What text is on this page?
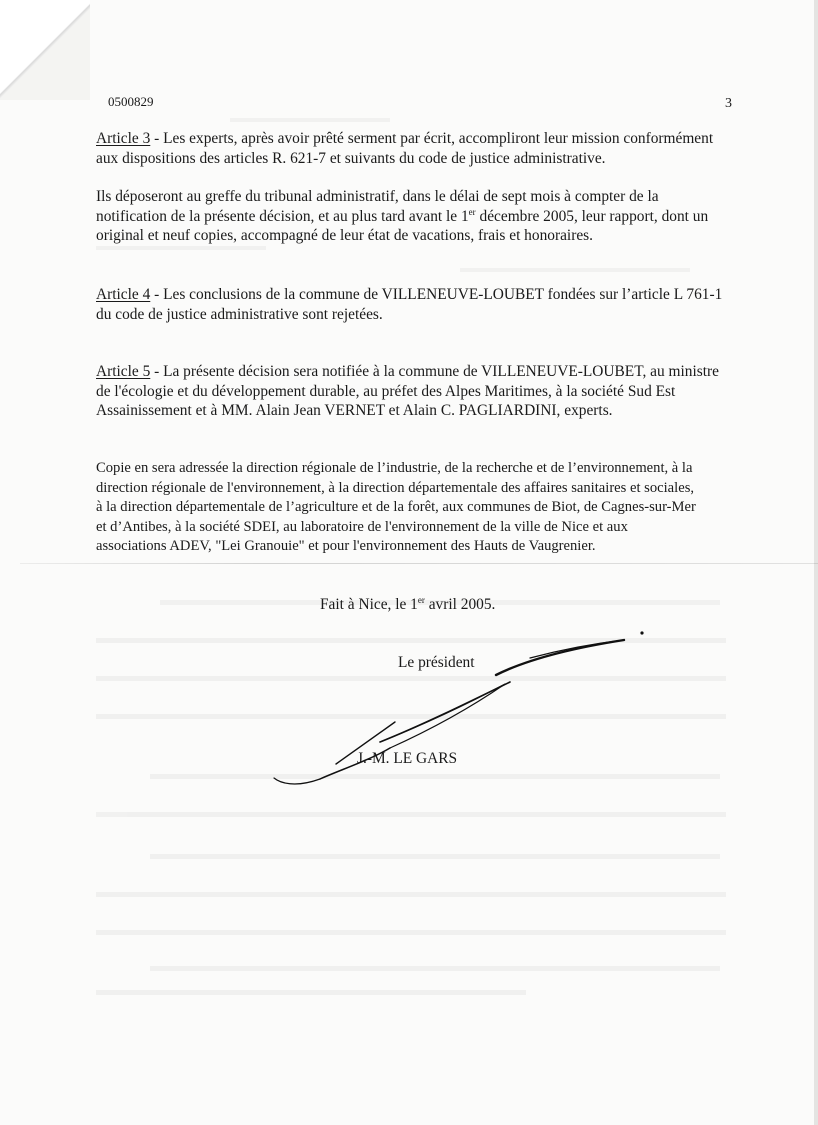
0500829	3

Article 3 - Les experts, après avoir prêté serment par écrit, accompliront leur mission conformément
aux dispositions des articles R. 621-7 et suivants du code de justice administrative.

Ils déposeront au greffe du tribunal administratif, dans le délai de sept mois à compter de la
notification de la présente décision, et au plus tard avant le 1er décembre 2005, leur rapport, dont un
original et neuf copies, accompagné de leur état de vacations, frais et honoraires.

Article 4 - Les conclusions de la commune de VILLENEUVE-LOUBET fondées sur l’article L 761-1
du code de justice administrative sont rejetées.

Article 5 - La présente décision sera notifiée à la commune de VILLENEUVE-LOUBET, au ministre
de l'écologie et du développement durable, au préfet des Alpes Maritimes, à la société Sud Est
Assainissement et à MM. Alain Jean VERNET et Alain C. PAGLIARDINI, experts.

Copie en sera adressée la direction régionale de l’industrie, de la recherche et de l’environnement, à la
direction régionale de l'environnement, à la direction départementale des affaires sanitaires et sociales,
à la direction départementale de l’agriculture et de la forêt, aux communes de Biot, de Cagnes-sur-Mer
et d’Antibes, à la société SDEI, au laboratoire de l'environnement de la ville de Nice et aux
associations ADEV, "Lei Granouie" et pour l'environnement des Hauts de Vaugrenier.

Fait à Nice, le 1er avril 2005.
Le président
J.-M. LE GARS
